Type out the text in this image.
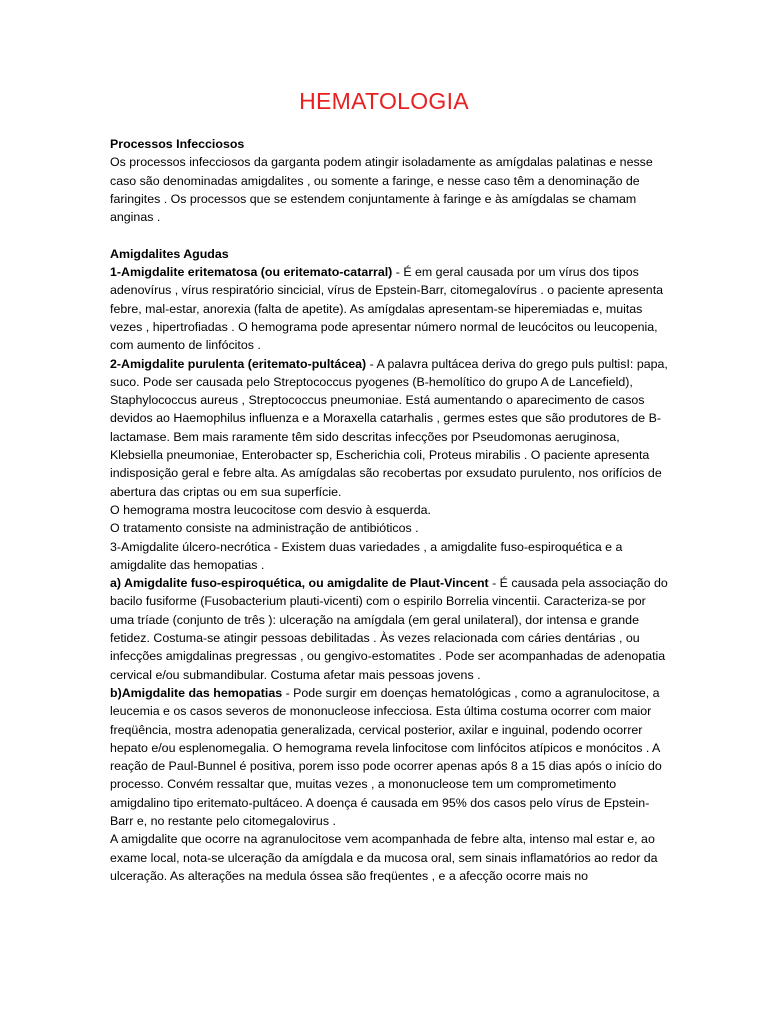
HEMATOLOGIA

Processos Infecciosos

Os processos infecciosos da garganta podem atingir isoladamente as amígdalas palatinas e nesse caso são denominadas amigdalites , ou somente a faringe, e nesse caso têm a denominação de faringites . Os processos que se estendem conjuntamente à faringe e às amígdalas se chamam anginas .

Amigdalites Agudas

1-Amigdalite eritematosa (ou eritemato-catarral) - É em geral causada por um vírus dos tipos adenovírus , vírus respiratório sincicial, vírus de Epstein-Barr, citomegalovírus . o paciente apresenta febre, mal-estar, anorexia (falta de apetite). As amígdalas apresentam-se hiperemiadas e, muitas vezes , hipertrofiadas . O hemograma pode apresentar número normal de leucócitos ou leucopenia, com aumento de linfócitos .

2-Amigdalite purulenta (eritemato-pultácea) - A palavra pultácea deriva do grego puls pultisI: papa, suco. Pode ser causada pelo Streptococcus pyogenes (B-hemolítico do grupo A de Lancefield), Staphylococcus aureus , Streptococcus pneumoniae. Está aumentando o aparecimento de casos devidos ao Haemophilus influenza e a Moraxella catarhalis , germes estes que são produtores de B-lactamase. Bem mais raramente têm sido descritas infecções por Pseudomonas aeruginosa, Klebsiella pneumoniae, Enterobacter sp, Escherichia coli, Proteus mirabilis . O paciente apresenta indisposição geral e febre alta. As amígdalas são recobertas por exsudato purulento, nos orifícios de abertura das criptas ou em sua superfície.

O hemograma mostra leucocitose com desvio à esquerda.

O tratamento consiste na administração de antibióticos .

3-Amigdalite úlcero-necrótica - Existem duas variedades , a amigdalite fuso-espiroquética e a amigdalite das hemopatias .

a) Amigdalite fuso-espiroquética, ou amigdalite de Plaut-Vincent - É causada pela associação do bacilo fusiforme (Fusobacterium plauti-vicenti) com o espirilo Borrelia vincentii. Caracteriza-se por uma tríade (conjunto de três ): ulceração na amígdala (em geral unilateral), dor intensa e grande fetidez. Costuma-se atingir pessoas debilitadas . Às vezes relacionada com cáries dentárias , ou infecções amigdalinas pregressas , ou gengivo-estomatites . Pode ser acompanhadas de adenopatia cervical e/ou submandibular. Costuma afetar mais pessoas jovens .

b)Amigdalite das hemopatias - Pode surgir em doenças hematológicas , como a agranulocitose, a leucemia e os casos severos de mononucleose infecciosa. Esta última costuma ocorrer com maior freqüência, mostra adenopatia generalizada, cervical posterior, axilar e inguinal, podendo ocorrer hepato e/ou esplenomegalia. O hemograma revela linfocitose com linfócitos atípicos e monócitos . A reação de Paul-Bunnel é positiva, porem isso pode ocorrer apenas após 8 a 15 dias após o início do processo. Convém ressaltar que, muitas vezes , a mononucleose tem um comprometimento amigdalino tipo eritemato-pultáceo. A doença é causada em 95% dos casos pelo vírus de Epstein-Barr e, no restante pelo citomegalovirus .

A amigdalite que ocorre na agranulocitose vem acompanhada de febre alta, intenso mal estar e, ao exame local, nota-se ulceração da amígdala e da mucosa oral, sem sinais inflamatórios ao redor da ulceração. As alterações na medula óssea são freqüentes , e a afecção ocorre mais no
